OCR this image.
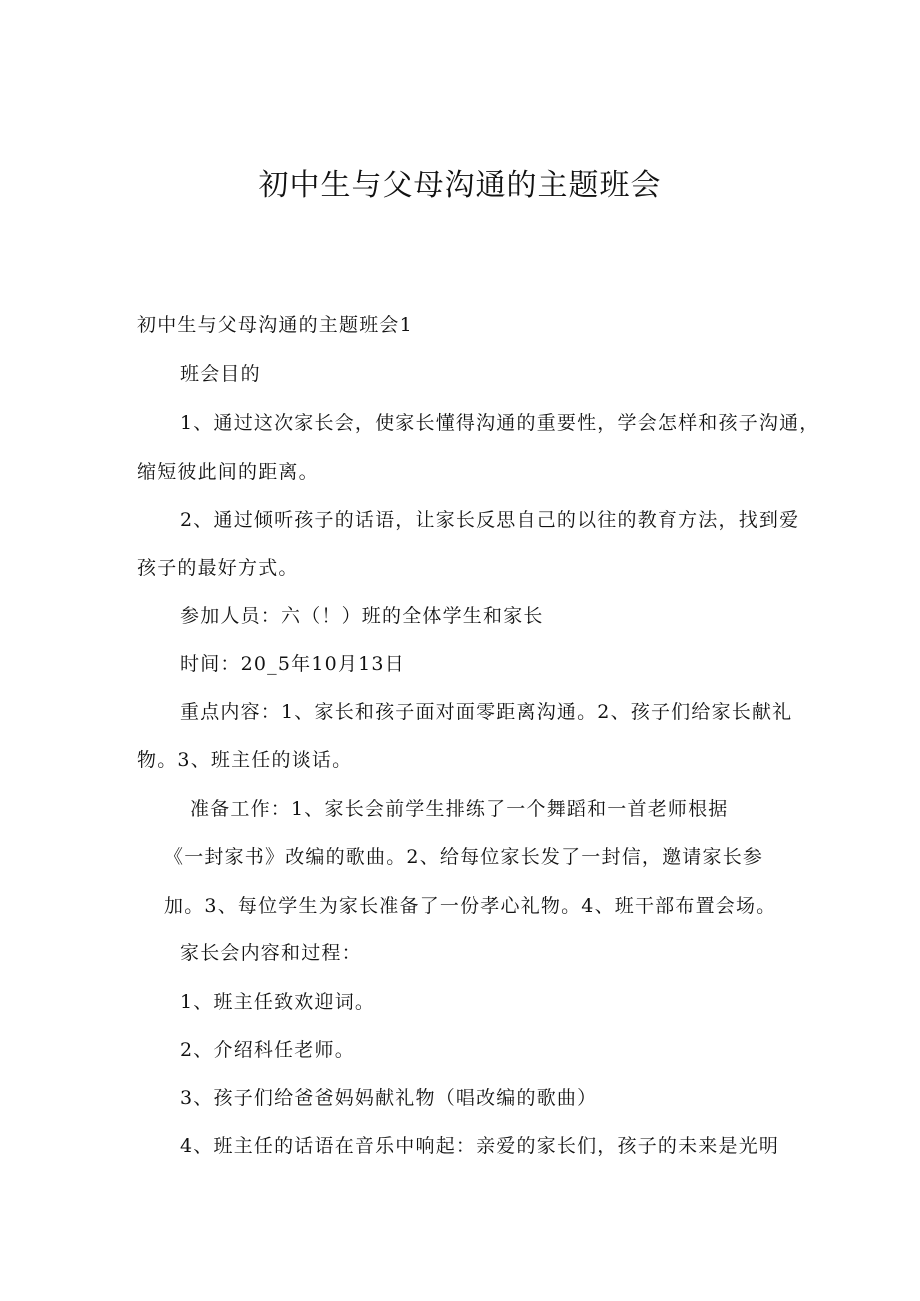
初中生与父母沟通的主题班会

初中生与父母沟通的主题班会1

班会目的

1、通过这次家长会，使家长懂得沟通的重要性，学会怎样和孩子沟通，

缩短彼此间的距离。

2、通过倾听孩子的话语，让家长反思自己的以往的教育方法，找到爱

孩子的最好方式。

参加人员：六（！）班的全体学生和家长

时间：20_5年10月13日

重点内容：1、家长和孩子面对面零距离沟通。2、孩子们给家长献礼

物。3、班主任的谈话。

准备工作：1、家长会前学生排练了一个舞蹈和一首老师根据

《一封家书》改编的歌曲。2、给每位家长发了一封信，邀请家长参

加。3、每位学生为家长准备了一份孝心礼物。4、班干部布置会场。

家长会内容和过程：

1、班主任致欢迎词。

2、介绍科任老师。

3、孩子们给爸爸妈妈献礼物（唱改编的歌曲）

4、班主任的话语在音乐中响起：亲爱的家长们，孩子的未来是光明
